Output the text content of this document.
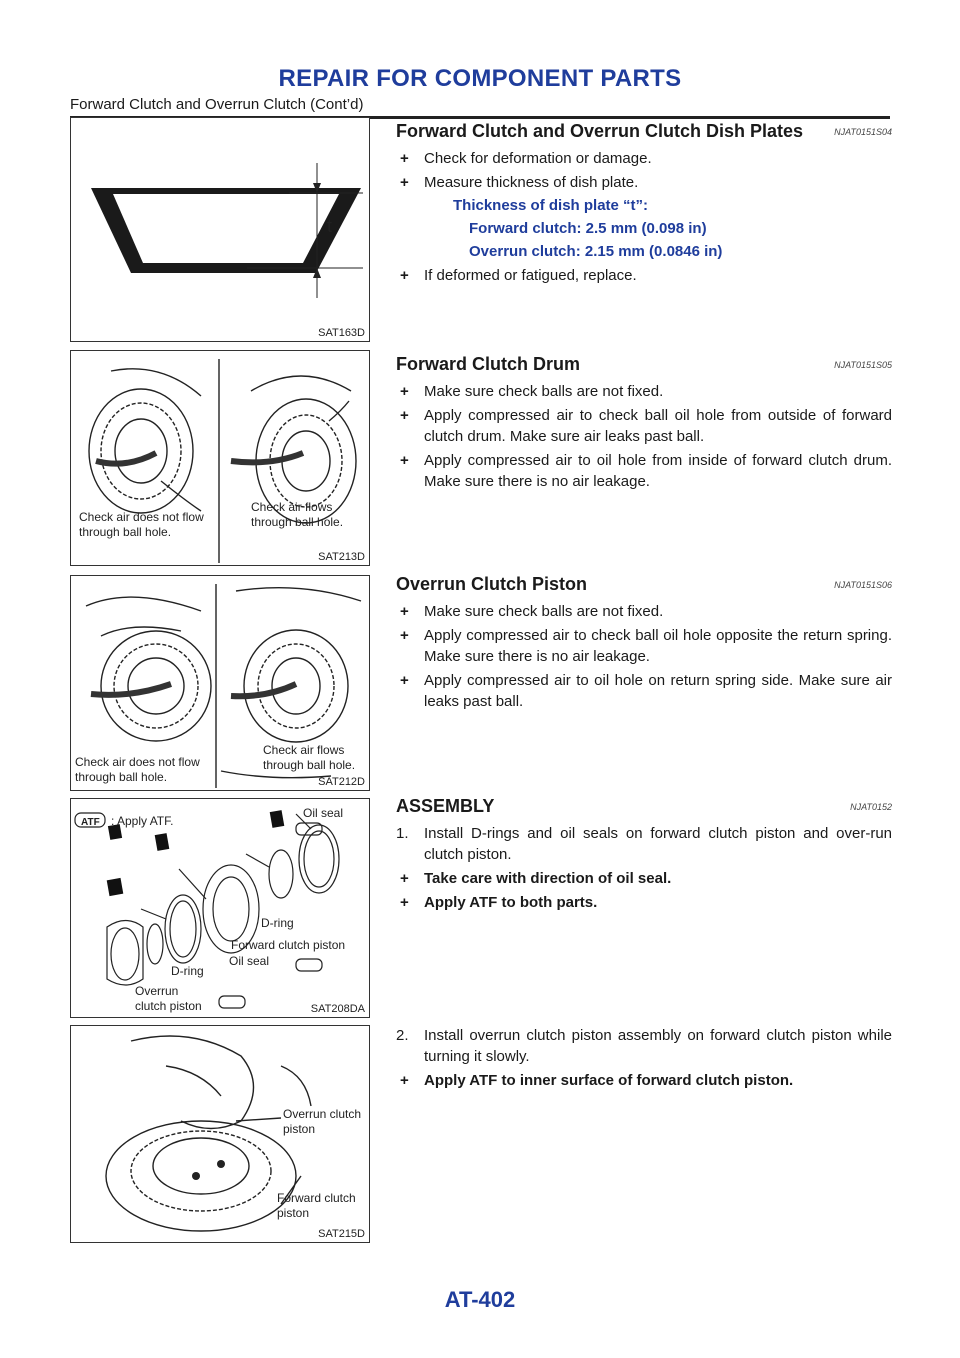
REPAIR FOR COMPONENT PARTS
Forward Clutch and Overrun Clutch (Cont’d)
t
SAT163D
Forward Clutch and Overrun Clutch Dish Plates	NJAT0151S04
+ Check for deformation or damage.
+ Measure thickness of dish plate.
Thickness of dish plate “t”:
Forward clutch: 2.5 mm (0.098 in)
Overrun clutch: 2.15 mm (0.0846 in)
+ If deformed or fatigued, replace.
Check air does not flow
through ball hole.
Check air flows
through ball hole.
SAT213D
Forward Clutch Drum	NJAT0151S05
+ Make sure check balls are not fixed.
+ Apply compressed air to check ball oil hole from outside of forward clutch drum. Make sure air leaks past ball.
+ Apply compressed air to oil hole from inside of forward clutch drum. Make sure there is no air leakage.
Check air does not flow
through ball hole.
Check air flows
through ball hole.
SAT212D
Overrun Clutch Piston	NJAT0151S06
+ Make sure check balls are not fixed.
+ Apply compressed air to check ball oil hole opposite the return spring. Make sure there is no air leakage.
+ Apply compressed air to oil hole on return spring side. Make sure air leaks past ball.
ATF : Apply ATF.
Oil seal
D-ring
Forward clutch piston
Oil seal
D-ring
Overrun
clutch piston	SAT208DA
ASSEMBLY	NJAT0152
1. Install D-rings and oil seals on forward clutch piston and over-run clutch piston.
+ Take care with direction of oil seal.
+ Apply ATF to both parts.
Overrun clutch
piston
Forward clutch
piston
SAT215D
2. Install overrun clutch piston assembly on forward clutch piston while turning it slowly.
+ Apply ATF to inner surface of forward clutch piston.
AT-402
